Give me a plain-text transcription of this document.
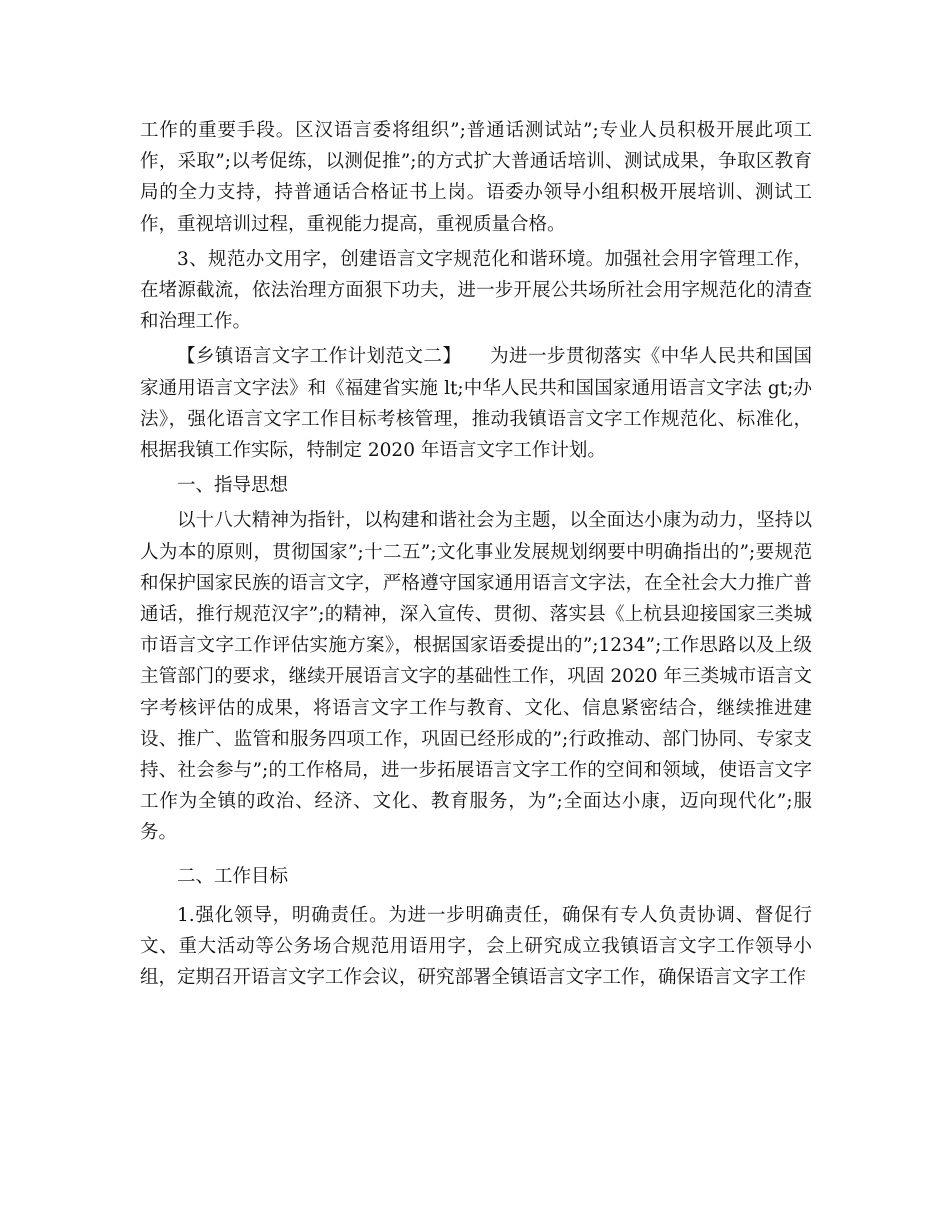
工作的重要手段。区汉语言委将组织”;普通话测试站”;专业人员积极开展此项工作，采取”;以考促练，以测促推”;的方式扩大普通话培训、测试成果，争取区教育局的全力支持，持普通话合格证书上岗。语委办领导小组积极开展培训、测试工作，重视培训过程，重视能力提高，重视质量合格。

3、规范办文用字，创建语言文字规范化和谐环境。加强社会用字管理工作，在堵源截流，依法治理方面狠下功夫，进一步开展公共场所社会用字规范化的清查和治理工作。

【乡镇语言文字工作计划范文二】　　为进一步贯彻落实《中华人民共和国国家通用语言文字法》和《福建省实施 lt;中华人民共和国国家通用语言文字法 gt;办法》，强化语言文字工作目标考核管理，推动我镇语言文字工作规范化、标准化，根据我镇工作实际，特制定 2020 年语言文字工作计划。

一、指导思想

以十八大精神为指针，以构建和谐社会为主题，以全面达小康为动力，坚持以人为本的原则，贯彻国家”;十二五”;文化事业发展规划纲要中明确指出的”;要规范和保护国家民族的语言文字，严格遵守国家通用语言文字法，在全社会大力推广普通话，推行规范汉字”;的精神，深入宣传、贯彻、落实县《上杭县迎接国家三类城市语言文字工作评估实施方案》，根据国家语委提出的”;1234”;工作思路以及上级主管部门的要求，继续开展语言文字的基础性工作，巩固 2020 年三类城市语言文字考核评估的成果，将语言文字工作与教育、文化、信息紧密结合，继续推进建设、推广、监管和服务四项工作，巩固已经形成的”;行政推动、部门协同、专家支持、社会参与”;的工作格局，进一步拓展语言文字工作的空间和领域，使语言文字工作为全镇的政治、经济、文化、教育服务，为”;全面达小康，迈向现代化”;服务。

二、工作目标

1.强化领导，明确责任。为进一步明确责任，确保有专人负责协调、督促行文、重大活动等公务场合规范用语用字，会上研究成立我镇语言文字工作领导小组，定期召开语言文字工作会议，研究部署全镇语言文字工作，确保语言文字工作
